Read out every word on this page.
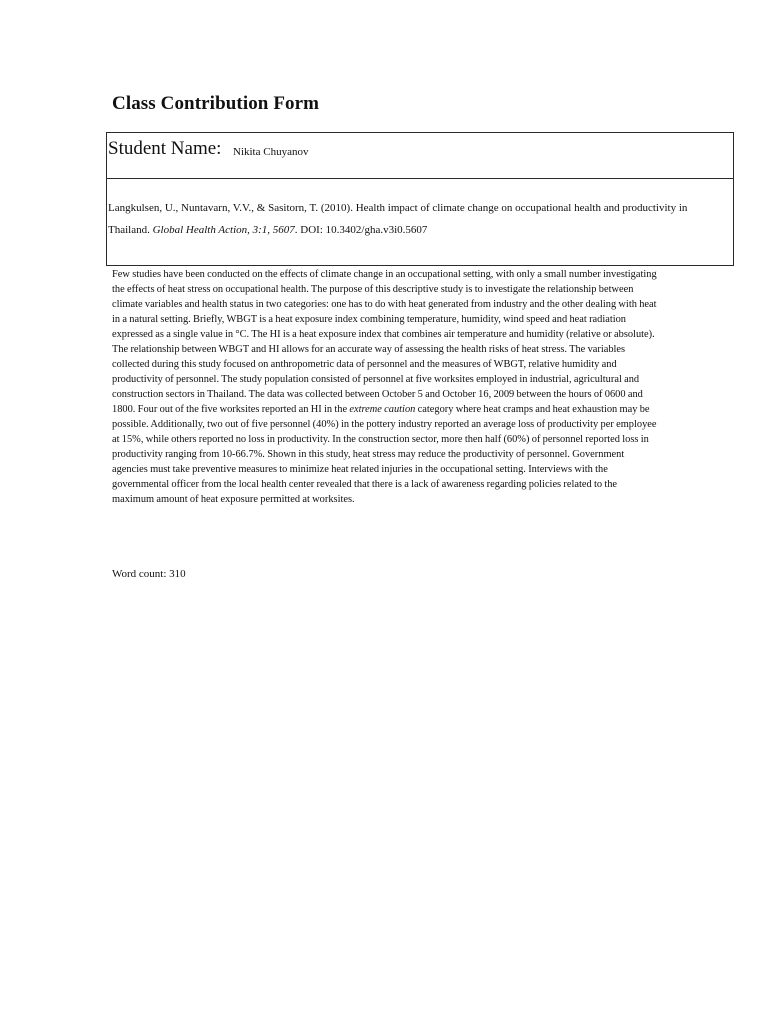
Class Contribution Form
Student Name: Nikita Chuyanov

Langkulsen, U., Nuntavarn, V.V., & Sasitorn, T. (2010). Health impact of climate change on occupational health and productivity in Thailand. Global Health Action, 3:1, 5607. DOI: 10.3402/gha.v3i0.5607

Few studies have been conducted on the effects of climate change in an occupational setting, with only a small number investigating the effects of heat stress on occupational health. The purpose of this descriptive study is to investigate the relationship between climate variables and health status in two categories: one has to do with heat generated from industry and the other dealing with heat in a natural setting. Briefly, WBGT is a heat exposure index combining temperature, humidity, wind speed and heat radiation expressed as a single value in °C. The HI is a heat exposure index that combines air temperature and humidity (relative or absolute). The relationship between WBGT and HI allows for an accurate way of assessing the health risks of heat stress. The variables collected during this study focused on anthropometric data of personnel and the measures of WBGT, relative humidity and productivity of personnel. The study population consisted of personnel at five worksites employed in industrial, agricultural and construction sectors in Thailand. The data was collected between October 5 and October 16, 2009 between the hours of 0600 and 1800. Four out of the five worksites reported an HI in the extreme caution category where heat cramps and heat exhaustion may be possible. Additionally, two out of five personnel (40%) in the pottery industry reported an average loss of productivity per employee at 15%, while others reported no loss in productivity. In the construction sector, more then half (60%) of personnel reported loss in productivity ranging from 10-66.7%. Shown in this study, heat stress may reduce the productivity of personnel. Government agencies must take preventive measures to minimize heat related injuries in the occupational setting. Interviews with the governmental officer from the local health center revealed that there is a lack of awareness regarding policies related to the maximum amount of heat exposure permitted at worksites.

Word count: 310
